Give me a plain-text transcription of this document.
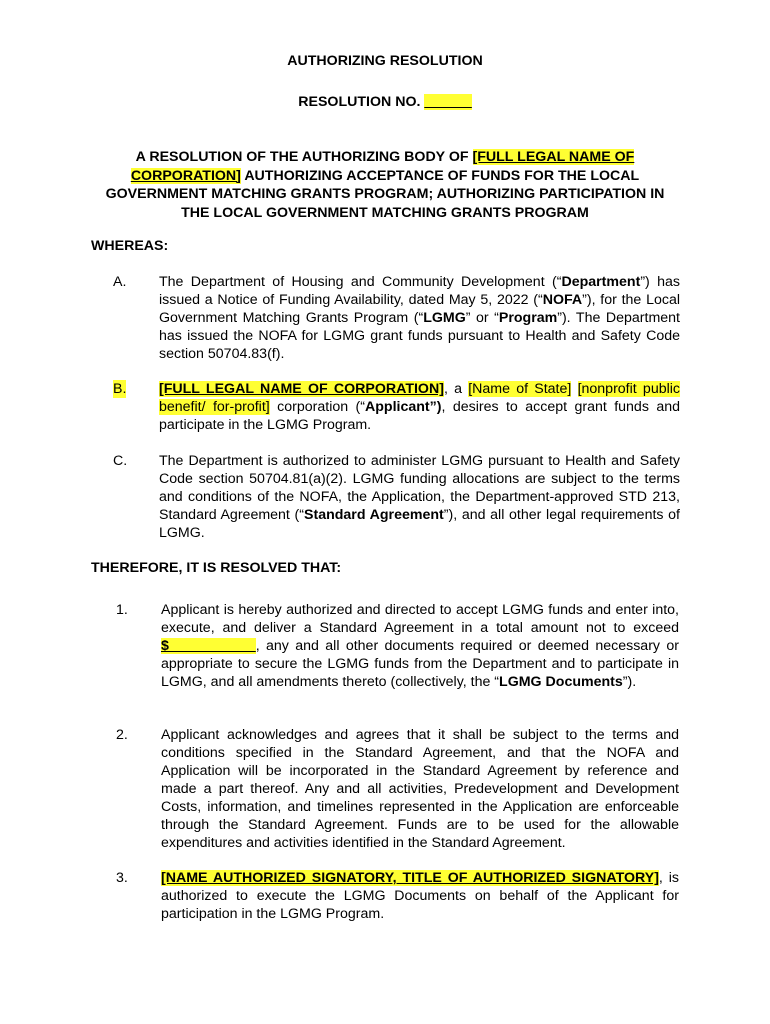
AUTHORIZING RESOLUTION
RESOLUTION NO. ______
A RESOLUTION OF THE AUTHORIZING BODY OF [FULL LEGAL NAME OF CORPORATION] AUTHORIZING ACCEPTANCE OF FUNDS FOR THE LOCAL GOVERNMENT MATCHING GRANTS PROGRAM; AUTHORIZING PARTICIPATION IN THE LOCAL GOVERNMENT MATCHING GRANTS PROGRAM
WHEREAS:
A. The Department of Housing and Community Development (“Department”) has issued a Notice of Funding Availability, dated May 5, 2022 (“NOFA”), for the Local Government Matching Grants Program (“LGMG” or “Program”). The Department has issued the NOFA for LGMG grant funds pursuant to Health and Safety Code section 50704.83(f).
B. [FULL LEGAL NAME OF CORPORATION], a [Name of State] [nonprofit public benefit/ for-profit] corporation (“Applicant”), desires to accept grant funds and participate in the LGMG Program.
C. The Department is authorized to administer LGMG pursuant to Health and Safety Code section 50704.81(a)(2). LGMG funding allocations are subject to the terms and conditions of the NOFA, the Application, the Department-approved STD 213, Standard Agreement (“Standard Agreement”), and all other legal requirements of LGMG.
THEREFORE, IT IS RESOLVED THAT:
1. Applicant is hereby authorized and directed to accept LGMG funds and enter into, execute, and deliver a Standard Agreement in a total amount not to exceed $___________, any and all other documents required or deemed necessary or appropriate to secure the LGMG funds from the Department and to participate in LGMG, and all amendments thereto (collectively, the “LGMG Documents”).
2. Applicant acknowledges and agrees that it shall be subject to the terms and conditions specified in the Standard Agreement, and that the NOFA and Application will be incorporated in the Standard Agreement by reference and made a part thereof. Any and all activities, Predevelopment and Development Costs, information, and timelines represented in the Application are enforceable through the Standard Agreement. Funds are to be used for the allowable expenditures and activities identified in the Standard Agreement.
3. [NAME AUTHORIZED SIGNATORY, TITLE OF AUTHORIZED SIGNATORY], is authorized to execute the LGMG Documents on behalf of the Applicant for participation in the LGMG Program.
